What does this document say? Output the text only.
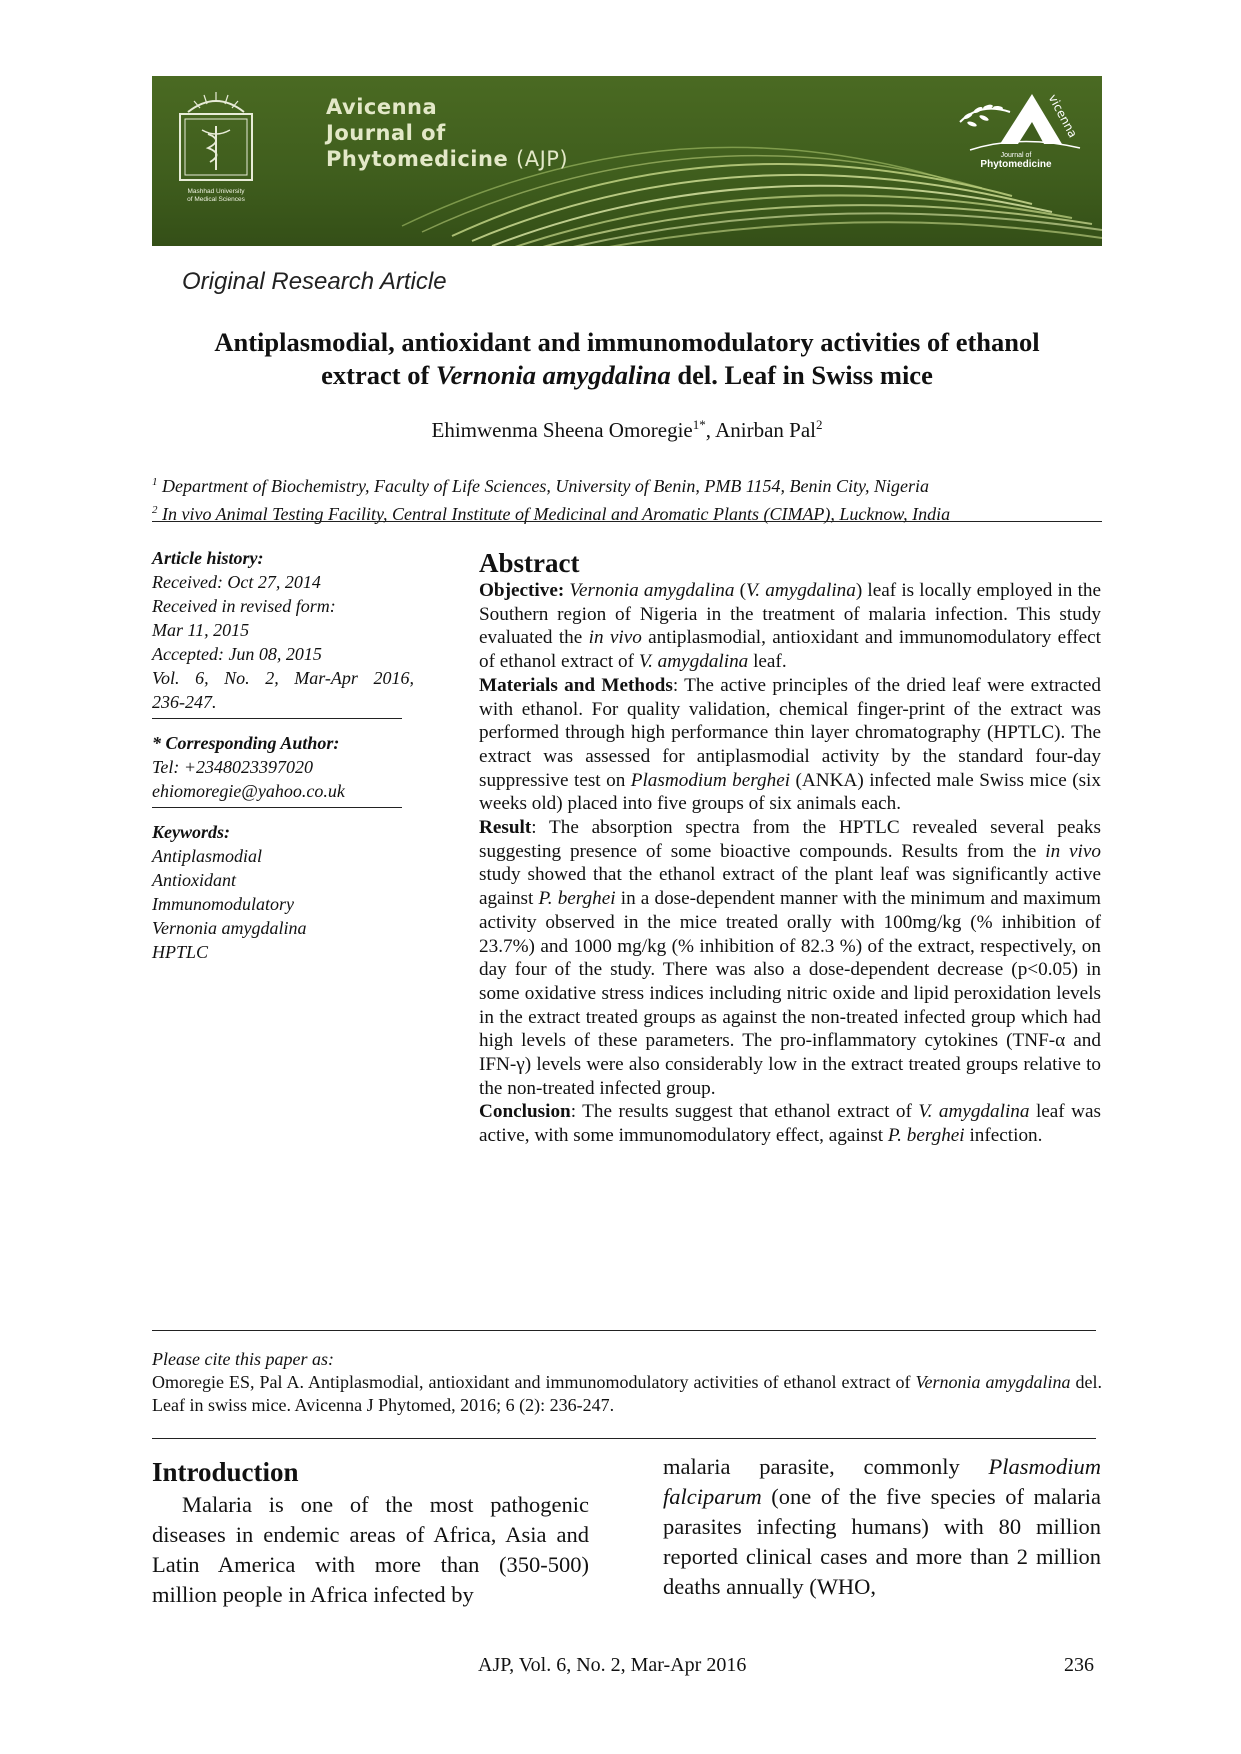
Mashhad University
of Medical Sciences
Avicenna
Journal of
Phytomedicine (AJP)
vicenna
Journal of
Phytomedicine
Original Research Article
Antiplasmodial, antioxidant and immunomodulatory activities of ethanol
extract of Vernonia amygdalina del. Leaf in Swiss mice
Ehimwenma Sheena Omoregie$^{1*}$, Anirban Pal$^2$
$^1$ Department of Biochemistry, Faculty of Life Sciences, University of Benin, PMB 1154, Benin City, Nigeria
$^2$ In vivo Animal Testing Facility, Central Institute of Medicinal and Aromatic Plants (CIMAP), Lucknow, India
Article history:
Received: Oct 27, 2014
Received in revised form:
Mar 11, 2015
Accepted: Jun 08, 2015
Vol. 6, No. 2, Mar-Apr 2016,
236-247.
* Corresponding Author:
Tel: +2348023397020
ehiomoregie@yahoo.co.uk
Keywords:
Antiplasmodial
Antioxidant
Immunomodulatory
Vernonia amygdalina
HPTLC
Abstract

Objective: Vernonia amygdalina (V. amygdalina) leaf is locally employed in the Southern region of Nigeria in the treatment of malaria infection. This study evaluated the in vivo antiplasmodial, antioxidant and immunomodulatory effect of ethanol extract of V. amygdalina leaf.

Materials and Methods: The active principles of the dried leaf were extracted with ethanol. For quality validation, chemical finger-print of the extract was performed through high performance thin layer chromatography (HPTLC). The extract was assessed for antiplasmodial activity by the standard four-day suppressive test on Plasmodium berghei (ANKA) infected male Swiss mice (six weeks old) placed into five groups of six animals each.

Result: The absorption spectra from the HPTLC revealed several peaks suggesting presence of some bioactive compounds. Results from the in vivo study showed that the ethanol extract of the plant leaf was significantly active against P. berghei in a dose-dependent manner with the minimum and maximum activity observed in the mice treated orally with 100mg/kg (% inhibition of 23.7%) and 1000 mg/kg (% inhibition of 82.3 %) of the extract, respectively, on day four of the study. There was also a dose-dependent decrease (p<0.05) in some oxidative stress indices including nitric oxide and lipid peroxidation levels in the extract treated groups as against the non-treated infected group which had high levels of these parameters. The pro-inflammatory cytokines (TNF-α and IFN-γ) levels were also considerably low in the extract treated groups relative to the non-treated infected group.

Conclusion: The results suggest that ethanol extract of V. amygdalina leaf was active, with some immunomodulatory effect, against P. berghei infection.

Please cite this paper as:
Omoregie ES, Pal A. Antiplasmodial, antioxidant and immunomodulatory activities of ethanol extract of Vernonia amygdalina del. Leaf in swiss mice. Avicenna J Phytomed, 2016; 6 (2): 236-247.
Introduction

Malaria is one of the most pathogenic diseases in endemic areas of Africa, Asia and Latin America with more than (350-500) million people in Africa infected by

malaria parasite, commonly Plasmodium falciparum (one of the five species of malaria parasites infecting humans) with 80 million reported clinical cases and more than 2 million deaths annually (WHO,

AJP, Vol. 6, No. 2, Mar-Apr 2016	236
